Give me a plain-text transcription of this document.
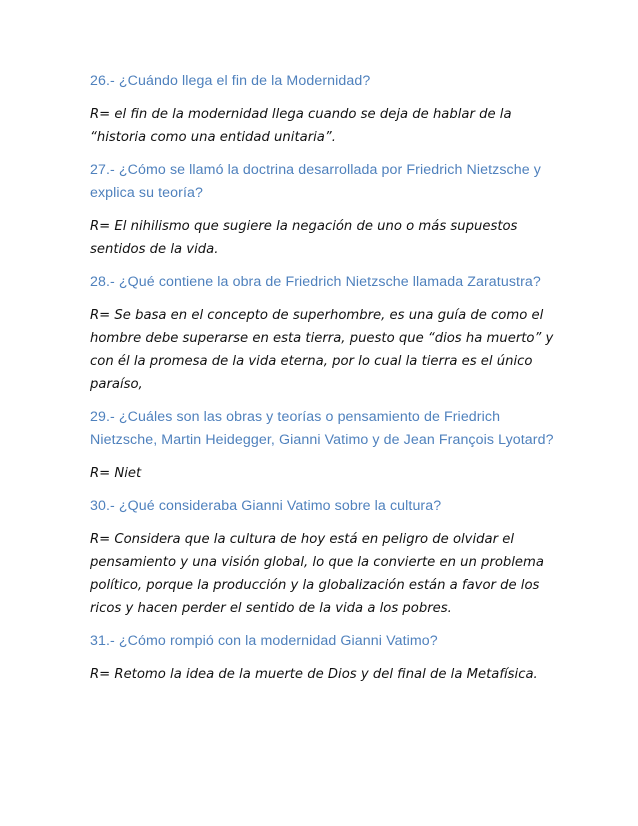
26.- ¿Cuándo llega el fin de la Modernidad?

R= el fin de la modernidad llega cuando se deja de hablar de la “historia como una entidad unitaria”.

27.- ¿Cómo se llamó la doctrina desarrollada por Friedrich Nietzsche y explica su teoría?

R= El nihilismo que sugiere la negación de uno o más supuestos sentidos de la vida.

28.- ¿Qué contiene la obra de Friedrich Nietzsche llamada Zaratustra?

R= Se basa en el concepto de superhombre, es una guía de como el hombre debe superarse en esta tierra, puesto que “dios ha muerto” y con él la promesa de la vida eterna, por lo cual la tierra es el único paraíso,

29.- ¿Cuáles son las obras y teorías o pensamiento de Friedrich Nietzsche, Martin Heidegger, Gianni Vatimo y de Jean François Lyotard?

R= Niet

30.- ¿Qué consideraba Gianni Vatimo sobre la cultura?

R= Considera que la cultura de hoy está en peligro de olvidar el pensamiento y una visión global, lo que la convierte en un problema político, porque la producción y la globalización están a favor de los ricos y hacen perder el sentido de la vida a los pobres.

31.- ¿Cómo rompió con la modernidad Gianni Vatimo?

R= Retomo la idea de la muerte de Dios y del final de la Metafísica.
